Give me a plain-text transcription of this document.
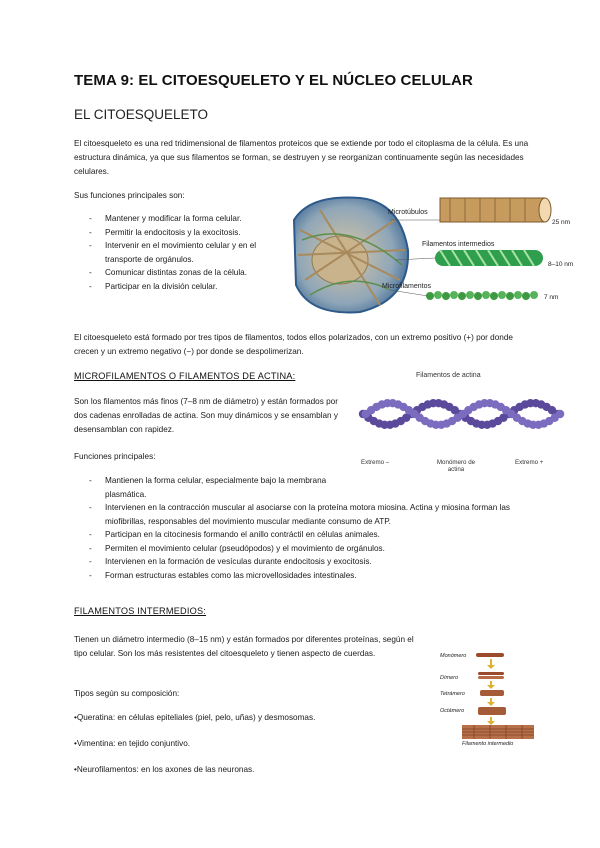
TEMA 9: EL CITOESQUELETO Y EL NÚCLEO CELULAR
EL CITOESQUELETO
El citoesqueleto es una red tridimensional de filamentos proteicos que se extiende por todo el citoplasma de la célula. Es una estructura dinámica, ya que sus filamentos se forman, se destruyen y se reorganizan continuamente según las necesidades celulares.
Sus funciones principales son:
- Mantener y modificar la forma celular.
- Permitir la endocitosis y la exocitosis.
- Intervenir en el movimiento celular y en el transporte de orgánulos.
- Comunicar distintas zonas de la célula.
- Participar en la división celular.
Microtúbulos
Filamentos intermedios
Microfilamentos
25 nm
8–10 nm
7 nm
El citoesqueleto está formado por tres tipos de filamentos, todos ellos polarizados, con un extremo positivo (+) por donde crecen y un extremo negativo (−) por donde se despolimerizan.
MICROFILAMENTOS O FILAMENTOS DE ACTINA:
Son los filamentos más finos (7–8 nm de diámetro) y están formados por dos cadenas enrolladas de actina. Son muy dinámicos y se ensamblan y desensamblan con rapidez.
Filamentos de actina
Extremo –	Monómero de actina
Extremo +
Funciones principales:
- Mantienen la forma celular, especialmente bajo la membrana plasmática.
- Intervienen en la contracción muscular al asociarse con la proteína motora miosina. Actina y miosina forman las miofibrillas, responsables del movimiento muscular mediante consumo de ATP.
- Participan en la citocinesis formando el anillo contráctil en células animales.
- Permiten el movimiento celular (pseudópodos) y el movimiento de orgánulos.
- Intervienen en la formación de vesículas durante endocitosis y exocitosis.
- Forman estructuras estables como las microvellosidades intestinales.
FILAMENTOS INTERMEDIOS:
Tienen un diámetro intermedio (8–15 nm) y están formados por diferentes proteínas, según el tipo celular. Son los más resistentes del citoesqueleto y tienen aspecto de cuerdas.
Tipos según su composición:
•Queratina: en células epiteliales (piel, pelo, uñas) y desmosomas.
•Vimentina: en tejido conjuntivo.
•Neurofilamentos: en los axones de las neuronas.
Monómero
Dímero
Tetrámero
Octámero
Filamento intermedio
